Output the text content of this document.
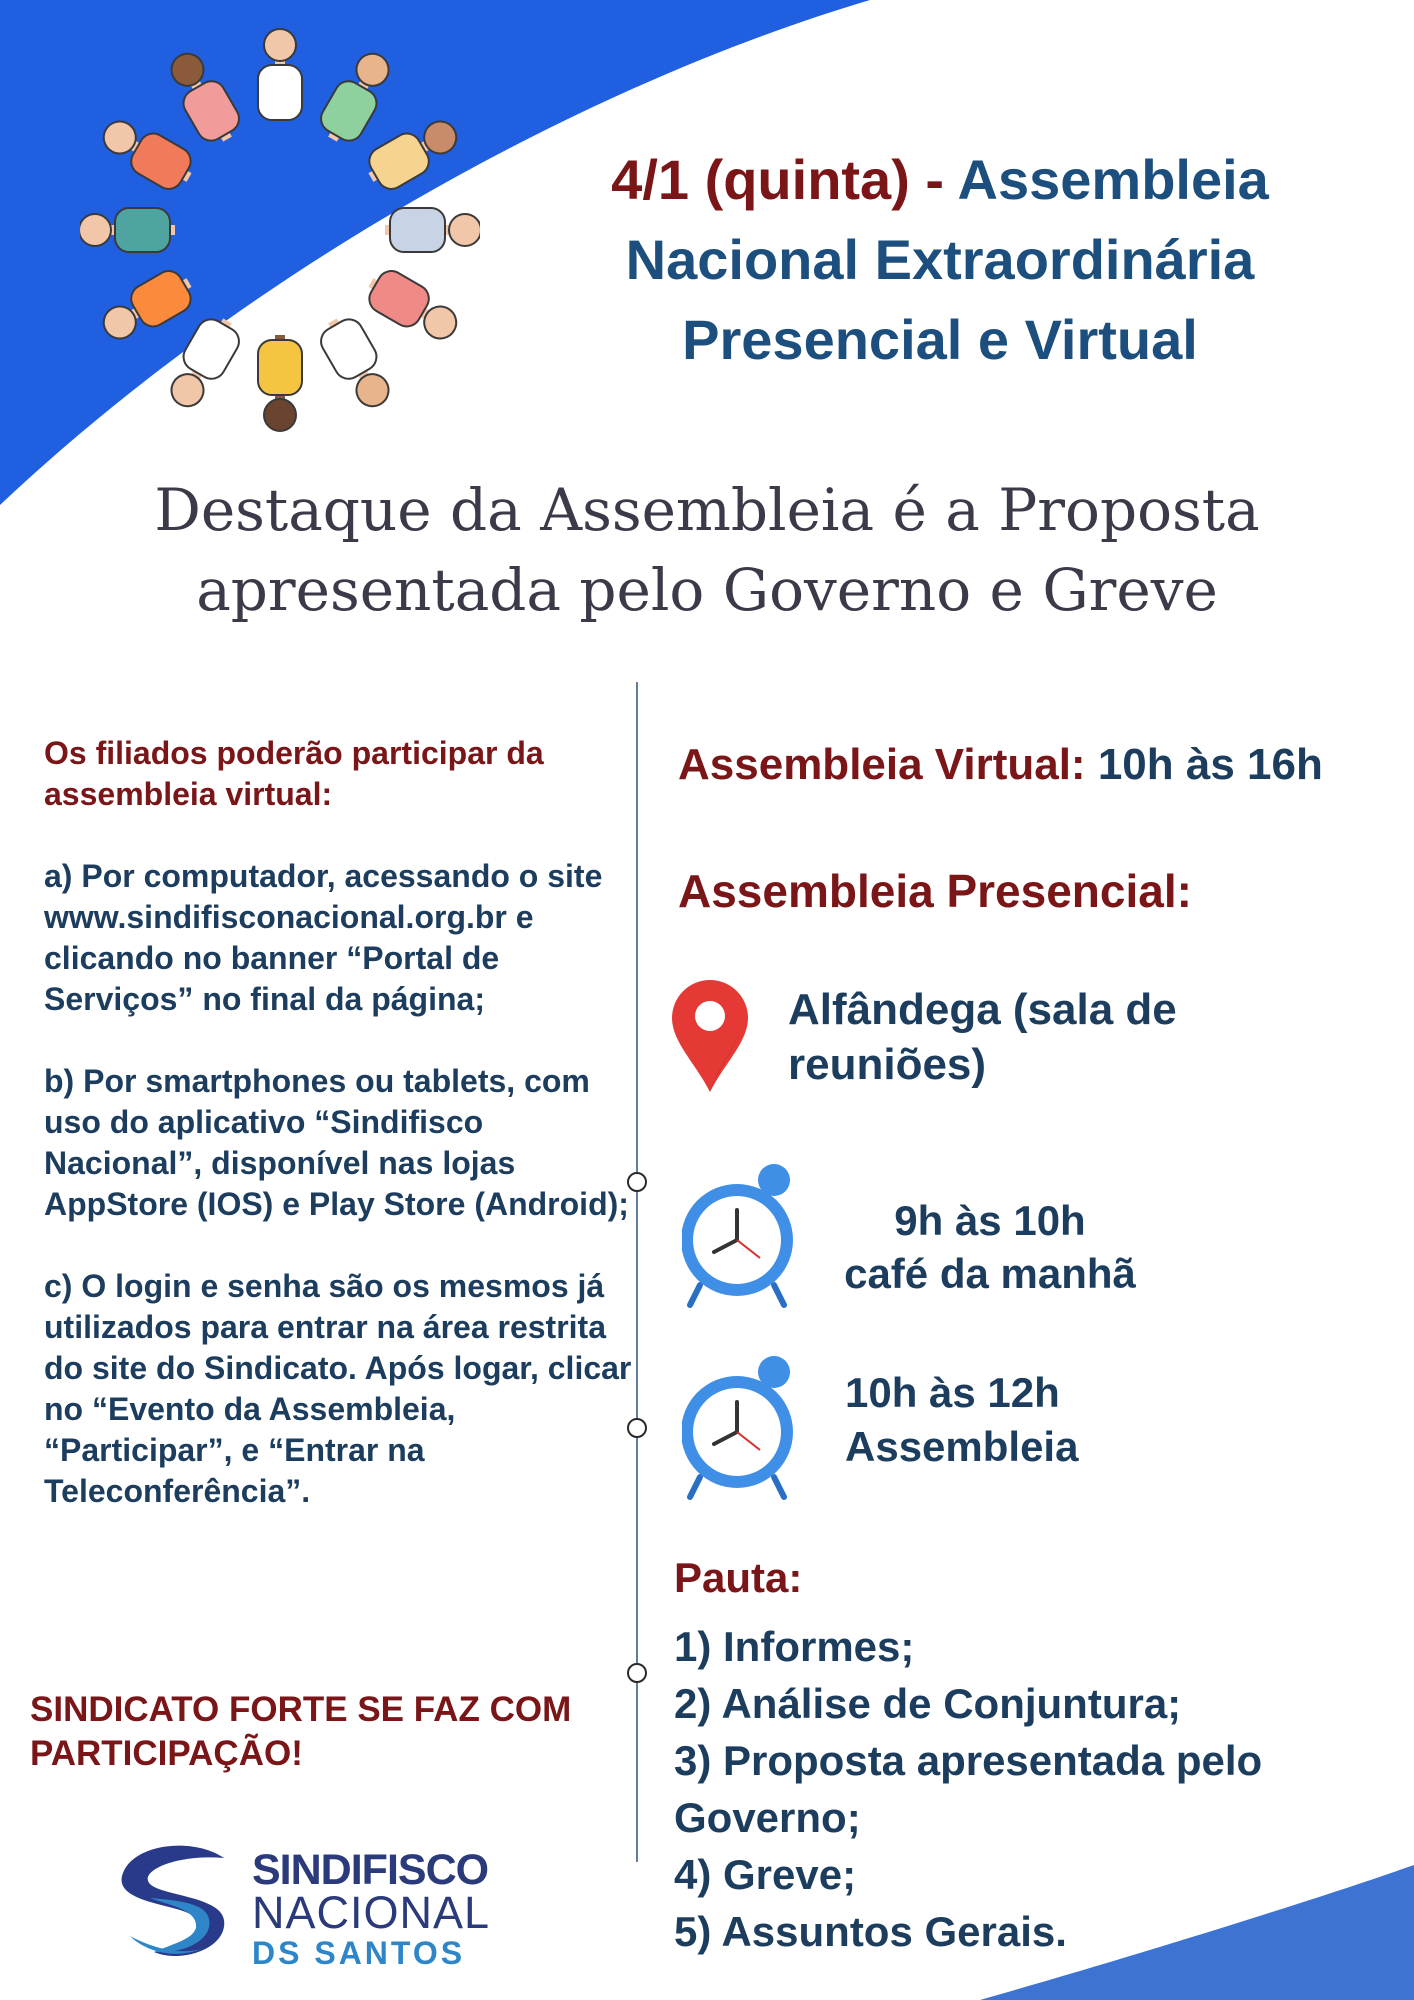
4/1 (quinta) - Assembleia Nacional Extraordinária Presencial e Virtual
Destaque da Assembleia é a Proposta apresentada pelo Governo e Greve

Os filiados poderão participar da assembleia virtual:

a) Por computador, acessando o site
www.sindifisconacional.org.br e clicando no banner “Portal de Serviços” no final da página;

b) Por smartphones ou tablets, com uso do aplicativo “Sindifisco Nacional”, disponível nas lojas AppStore (IOS) e Play Store (Android);

c) O login e senha são os mesmos já utilizados para entrar na área restrita do site do Sindicato. Após logar, clicar no “Evento da Assembleia, “Participar”, e “Entrar na Teleconferência”.

SINDICATO FORTE SE FAZ COM PARTICIPAÇÃO!
Assembleia Virtual: 10h às 16h
Assembleia Presencial:
Alfândega (sala de reuniões)
9h às 10h
café da manhã
10h às 12h
Assembleia
Pauta:
1) Informes;
2) Análise de Conjuntura;
3) Proposta apresentada pelo Governo;
4) Greve;
5) Assuntos Gerais.
SINDIFISCO
NACIONAL
DS SANTOS
